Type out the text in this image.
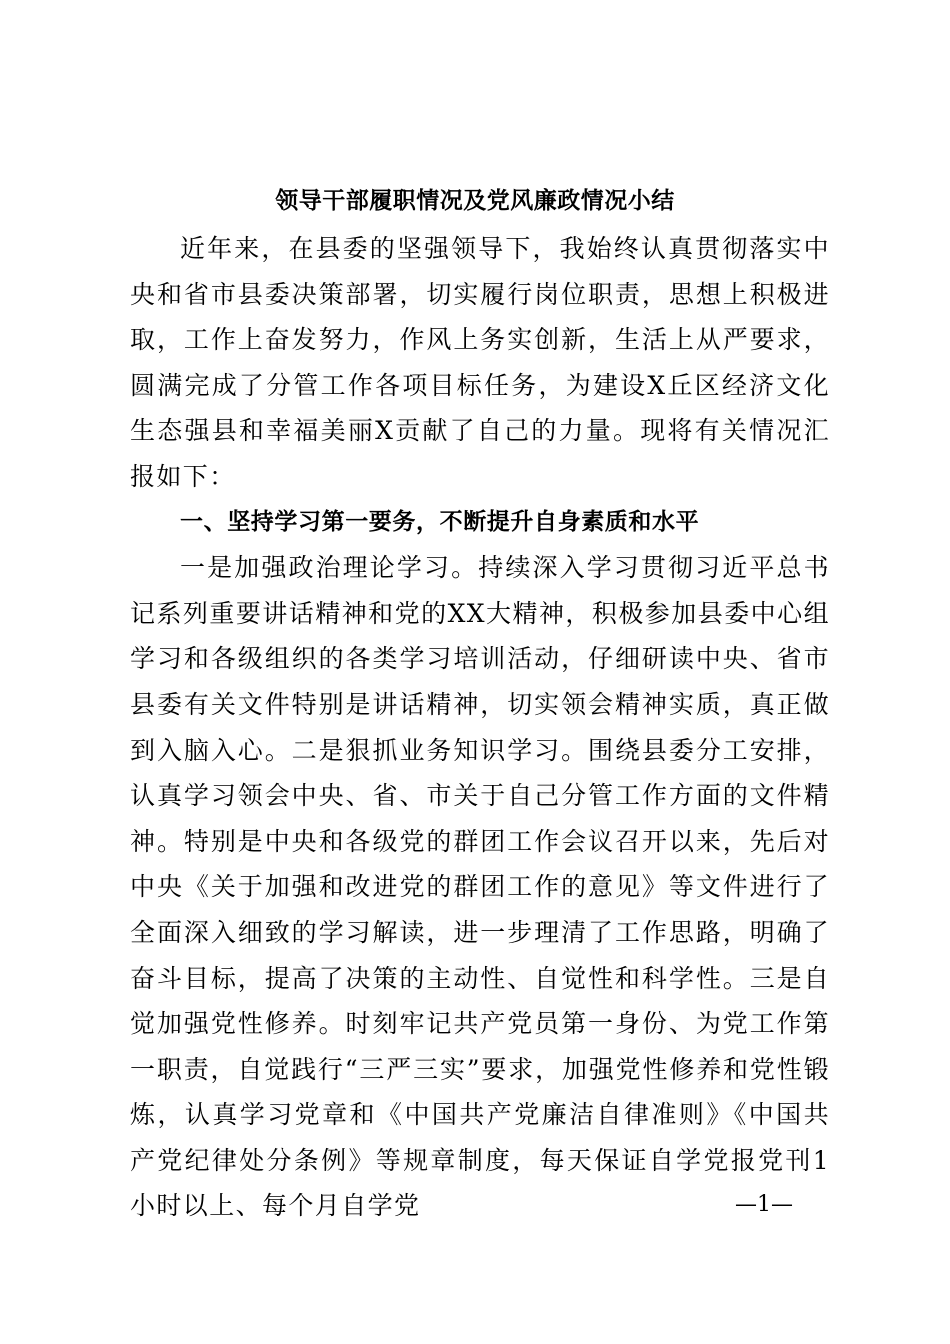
领导干部履职情况及党风廉政情况小结

近年来，在县委的坚强领导下，我始终认真贯彻落实中央和省市县委决策部署，切实履行岗位职责，思想上积极进取，工作上奋发努力，作风上务实创新，生活上从严要求，圆满完成了分管工作各项目标任务，为建设X丘区经济文化生态强县和幸福美丽X贡献了自己的力量。现将有关情况汇报如下：

一、坚持学习第一要务，不断提升自身素质和水平

一是加强政治理论学习。持续深入学习贯彻习近平总书记系列重要讲话精神和党的XX大精神，积极参加县委中心组学习和各级组织的各类学习培训活动，仔细研读中央、省市县委有关文件特别是讲话精神，切实领会精神实质，真正做到入脑入心。二是狠抓业务知识学习。围绕县委分工安排，认真学习领会中央、省、市关于自己分管工作方面的文件精神。特别是中央和各级党的群团工作会议召开以来，先后对中央《关于加强和改进党的群团工作的意见》等文件进行了全面深入细致的学习解读，进一步理清了工作思路，明确了奋斗目标，提高了决策的主动性、自觉性和科学性。三是自觉加强党性修养。时刻牢记共产党员第一身份、为党工作第一职责，自觉践行“三严三实”要求，加强党性修养和党性锻炼，认真学习党章和《中国共产党廉洁自律准则》《中国共产党纪律处分条例》等规章制度，每天保证自学党报党刊1小时以上、每个月自学党	—1—
